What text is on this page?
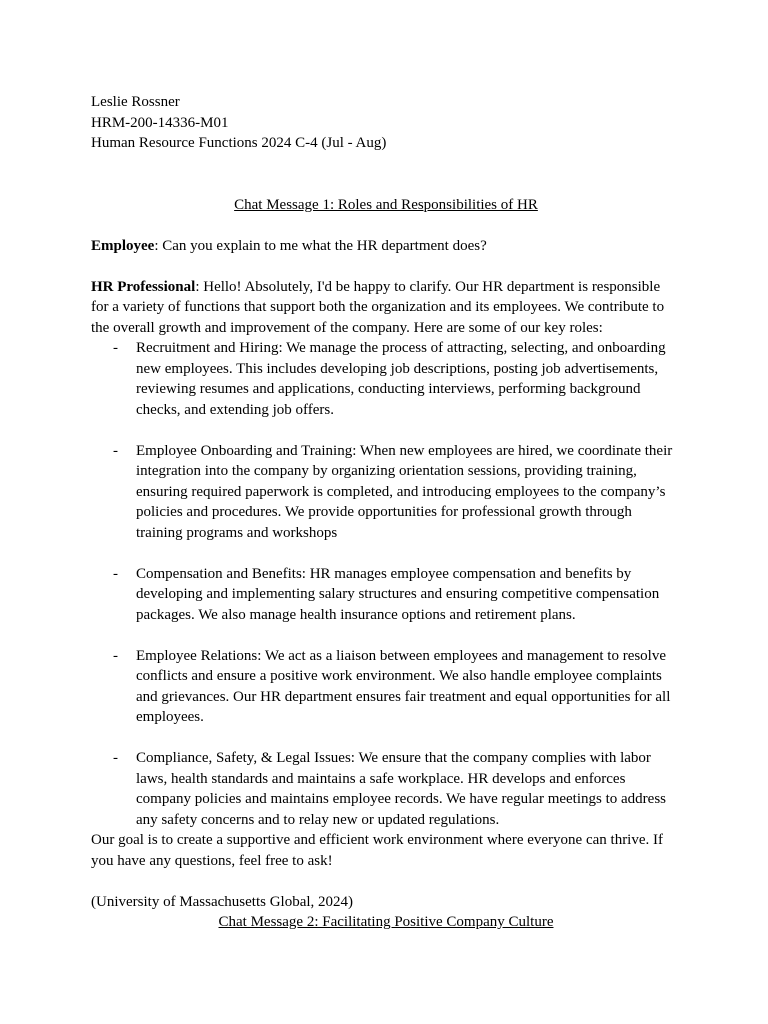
Leslie Rossner

HRM-200-14336-M01

Human Resource Functions 2024 C-4 (Jul - Aug)

Chat Message 1: Roles and Responsibilities of HR

Employee: Can you explain to me what the HR department does?

HR Professional: Hello! Absolutely, I'd be happy to clarify. Our HR department is responsible for a variety of functions that support both the organization and its employees. We contribute to the overall growth and improvement of the company. Here are some of our key roles:

- Recruitment and Hiring: We manage the process of attracting, selecting, and onboarding new employees. This includes developing job descriptions, posting job advertisements, reviewing resumes and applications, conducting interviews, performing background checks, and extending job offers.
- Employee Onboarding and Training: When new employees are hired, we coordinate their integration into the company by organizing orientation sessions, providing training, ensuring required paperwork is completed, and introducing employees to the company’s policies and procedures. We provide opportunities for professional growth through training programs and workshops
- Compensation and Benefits: HR manages employee compensation and benefits by developing and implementing salary structures and ensuring competitive compensation packages. We also manage health insurance options and retirement plans.
- Employee Relations: We act as a liaison between employees and management to resolve conflicts and ensure a positive work environment. We also handle employee complaints and grievances. Our HR department ensures fair treatment and equal opportunities for all employees.
- Compliance, Safety, & Legal Issues: We ensure that the company complies with labor laws, health standards and maintains a safe workplace. HR develops and enforces company policies and maintains employee records. We have regular meetings to address any safety concerns and to relay new or updated regulations.

Our goal is to create a supportive and efficient work environment where everyone can thrive. If you have any questions, feel free to ask!

(University of Massachusetts Global, 2024)

Chat Message 2: Facilitating Positive Company Culture
